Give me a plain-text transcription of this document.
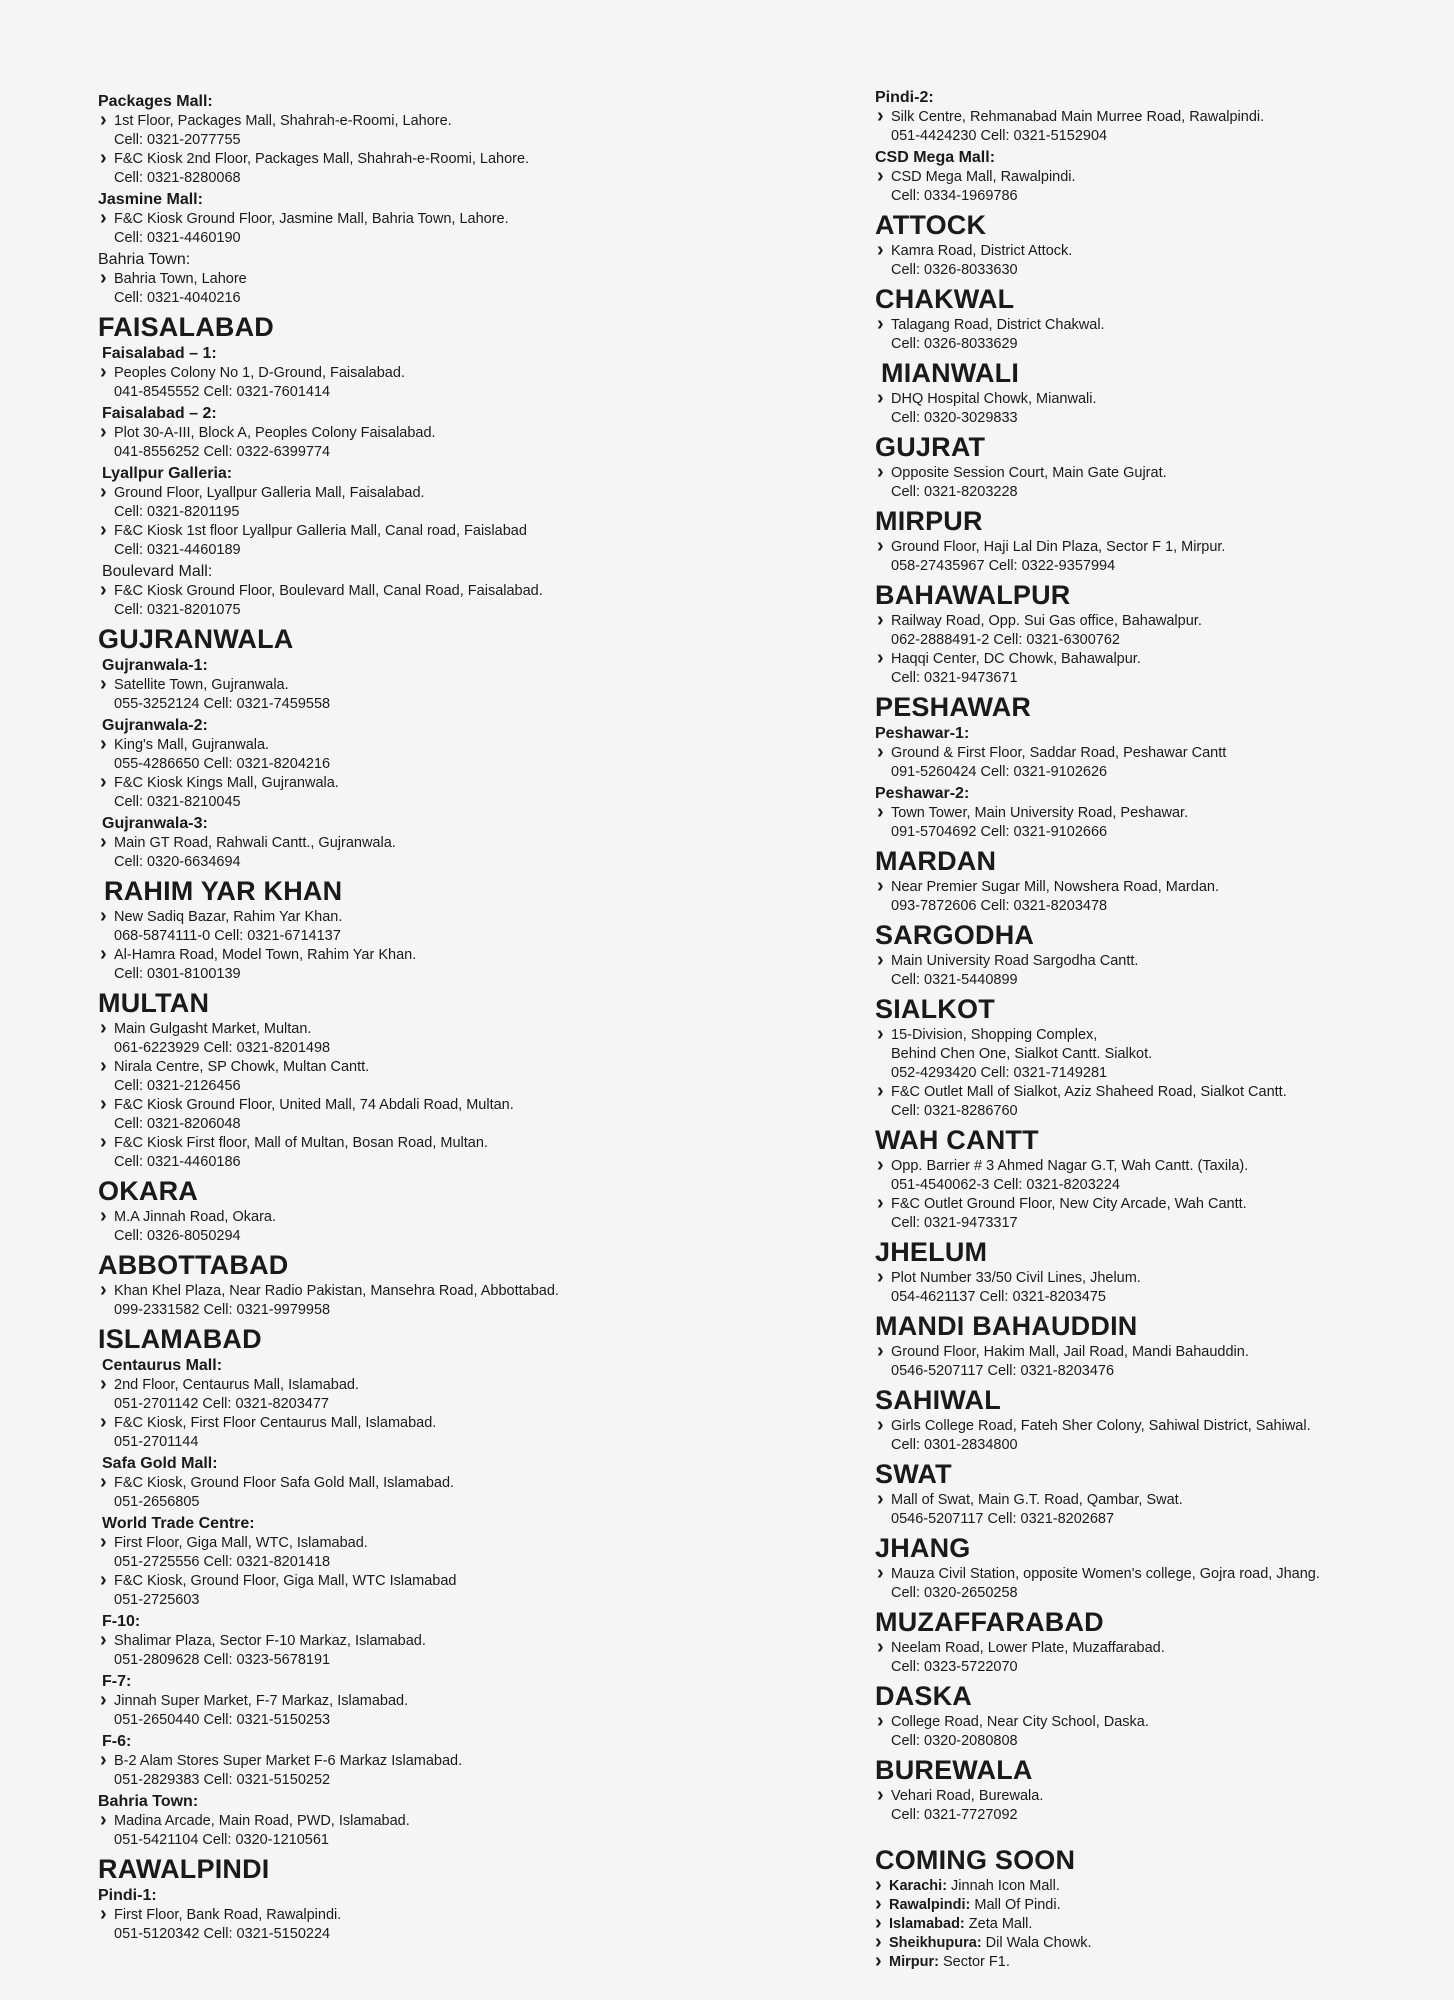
Packages Mall:
› 1st Floor, Packages Mall, Shahrah-e-Roomi, Lahore.
Cell: 0321-2077755
› F&C Kiosk 2nd Floor, Packages Mall, Shahrah-e-Roomi, Lahore.
Cell: 0321-8280068
Jasmine Mall:
› F&C Kiosk Ground Floor, Jasmine Mall, Bahria Town, Lahore.
Cell: 0321-4460190
Bahria Town:
› Bahria Town, Lahore
Cell: 0321-4040216
FAISALABAD
Faisalabad – 1:
› Peoples Colony No 1, D-Ground, Faisalabad.
041-8545552 Cell: 0321-7601414
Faisalabad – 2:
› Plot 30-A-III, Block A, Peoples Colony Faisalabad.
041-8556252 Cell: 0322-6399774
Lyallpur Galleria:
› Ground Floor, Lyallpur Galleria Mall, Faisalabad.
Cell: 0321-8201195
› F&C Kiosk 1st floor Lyallpur Galleria Mall, Canal road, Faislabad
Cell: 0321-4460189
Boulevard Mall:
› F&C Kiosk Ground Floor, Boulevard Mall, Canal Road, Faisalabad.
Cell: 0321-8201075
GUJRANWALA
Gujranwala-1:
› Satellite Town, Gujranwala.
055-3252124 Cell: 0321-7459558
Gujranwala-2:
› King's Mall, Gujranwala.
055-4286650 Cell: 0321-8204216
› F&C Kiosk Kings Mall, Gujranwala.
Cell: 0321-8210045
Gujranwala-3:
› Main GT Road, Rahwali Cantt., Gujranwala.
Cell: 0320-6634694
RAHIM YAR KHAN
› New Sadiq Bazar, Rahim Yar Khan.
068-5874111-0 Cell: 0321-6714137
› Al-Hamra Road, Model Town, Rahim Yar Khan.
Cell: 0301-8100139
MULTAN
› Main Gulgasht Market, Multan.
061-6223929 Cell: 0321-8201498
› Nirala Centre, SP Chowk, Multan Cantt.
Cell: 0321-2126456
› F&C Kiosk Ground Floor, United Mall, 74 Abdali Road, Multan.
Cell: 0321-8206048
› F&C Kiosk First floor, Mall of Multan, Bosan Road, Multan.
Cell: 0321-4460186
OKARA
› M.A Jinnah Road, Okara.
Cell: 0326-8050294
ABBOTTABAD
› Khan Khel Plaza, Near Radio Pakistan, Mansehra Road, Abbottabad.
099-2331582 Cell: 0321-9979958
ISLAMABAD
Centaurus Mall:
› 2nd Floor, Centaurus Mall, Islamabad.
051-2701142 Cell: 0321-8203477
› F&C Kiosk, First Floor Centaurus Mall, Islamabad.
051-2701144
Safa Gold Mall:
› F&C Kiosk, Ground Floor Safa Gold Mall, Islamabad.
051-2656805
World Trade Centre:
› First Floor, Giga Mall, WTC, Islamabad.
051-2725556 Cell: 0321-8201418
› F&C Kiosk, Ground Floor, Giga Mall, WTC Islamabad
051-2725603
F-10:
› Shalimar Plaza, Sector F-10 Markaz, Islamabad.
051-2809628 Cell: 0323-5678191
F-7:
› Jinnah Super Market, F-7 Markaz, Islamabad.
051-2650440 Cell: 0321-5150253
F-6:
› B-2 Alam Stores Super Market F-6 Markaz Islamabad.
051-2829383 Cell: 0321-5150252
Bahria Town:
› Madina Arcade, Main Road, PWD, Islamabad.
051-5421104 Cell: 0320-1210561
RAWALPINDI
Pindi-1:
› First Floor, Bank Road, Rawalpindi.
051-5120342 Cell: 0321-5150224
Pindi-2:
› Silk Centre, Rehmanabad Main Murree Road, Rawalpindi.
051-4424230 Cell: 0321-5152904
CSD Mega Mall:
› CSD Mega Mall, Rawalpindi.
Cell: 0334-1969786
ATTOCK
› Kamra Road, District Attock.
Cell: 0326-8033630
CHAKWAL
› Talagang Road, District Chakwal.
Cell: 0326-8033629
MIANWALI
› DHQ Hospital Chowk, Mianwali.
Cell: 0320-3029833
GUJRAT
› Opposite Session Court, Main Gate Gujrat.
Cell: 0321-8203228
MIRPUR
› Ground Floor, Haji Lal Din Plaza, Sector F 1, Mirpur.
058-27435967 Cell: 0322-9357994
BAHAWALPUR
› Railway Road, Opp. Sui Gas office, Bahawalpur.
062-2888491-2 Cell: 0321-6300762
› Haqqi Center, DC Chowk, Bahawalpur.
Cell: 0321-9473671
PESHAWAR
Peshawar-1:
› Ground & First Floor, Saddar Road, Peshawar Cantt
091-5260424 Cell: 0321-9102626
Peshawar-2:
› Town Tower, Main University Road, Peshawar.
091-5704692 Cell: 0321-9102666
MARDAN
› Near Premier Sugar Mill, Nowshera Road, Mardan.
093-7872606 Cell: 0321-8203478
SARGODHA
› Main University Road Sargodha Cantt.
Cell: 0321-5440899
SIALKOT
› 15-Division, Shopping Complex,
Behind Chen One, Sialkot Cantt. Sialkot.
052-4293420 Cell: 0321-7149281
› F&C Outlet Mall of Sialkot, Aziz Shaheed Road, Sialkot Cantt.
Cell: 0321-8286760
WAH CANTT
› Opp. Barrier # 3 Ahmed Nagar G.T, Wah Cantt. (Taxila).
051-4540062-3 Cell: 0321-8203224
› F&C Outlet Ground Floor, New City Arcade, Wah Cantt.
Cell: 0321-9473317
JHELUM
› Plot Number 33/50 Civil Lines, Jhelum.
054-4621137 Cell: 0321-8203475
MANDI BAHAUDDIN
› Ground Floor, Hakim Mall, Jail Road, Mandi Bahauddin.
0546-5207117 Cell: 0321-8203476
SAHIWAL
› Girls College Road, Fateh Sher Colony, Sahiwal District, Sahiwal.
Cell: 0301-2834800
SWAT
› Mall of Swat, Main G.T. Road, Qambar, Swat.
0546-5207117 Cell: 0321-8202687
JHANG
› Mauza Civil Station, opposite Women's college, Gojra road, Jhang.
Cell: 0320-2650258
MUZAFFARABAD
› Neelam Road, Lower Plate, Muzaffarabad.
Cell: 0323-5722070
DASKA
› College Road, Near City School, Daska.
Cell: 0320-2080808
BUREWALA
› Vehari Road, Burewala.
Cell: 0321-7727092
COMING SOON
› Karachi: Jinnah Icon Mall.
› Rawalpindi: Mall Of Pindi.
› Islamabad: Zeta Mall.
› Sheikhupura: Dil Wala Chowk.
› Mirpur: Sector F1.
